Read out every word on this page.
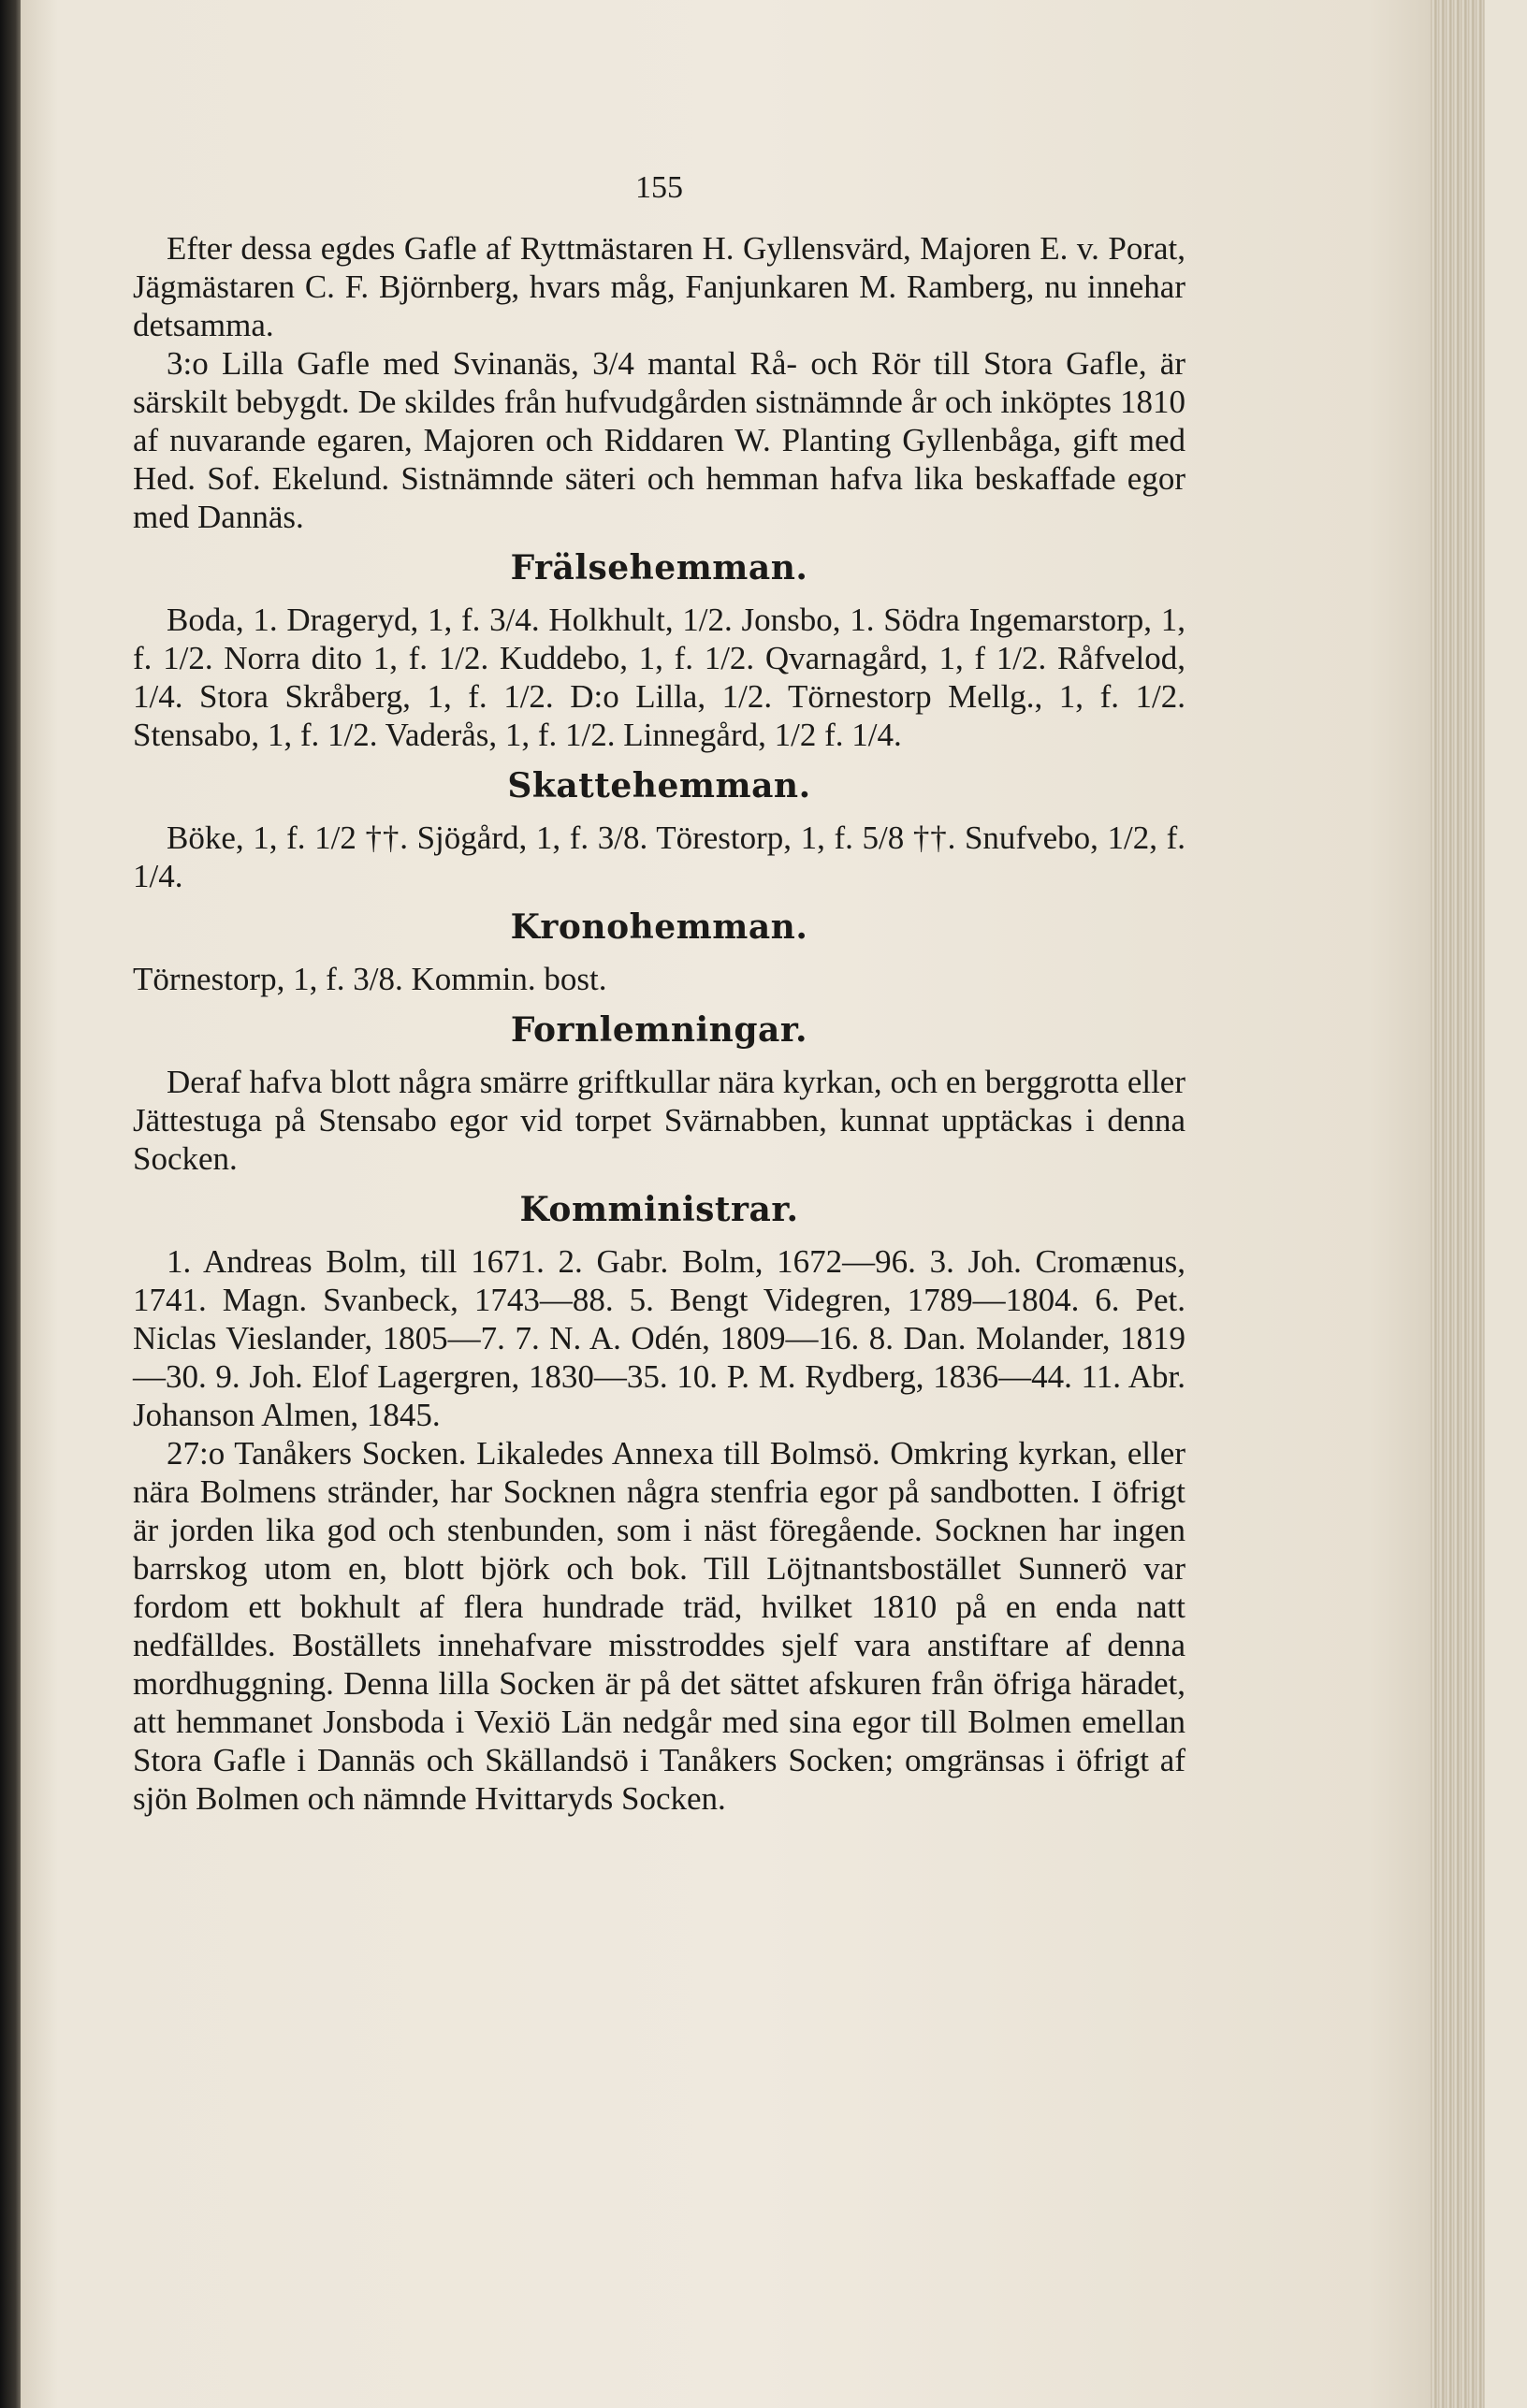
155

Efter dessa egdes Gafle af Ryttmästaren H. Gyllensvärd, Majoren E. v. Porat, Jägmästaren C. F. Björnberg, hvars måg, Fanjunkaren M. Ramberg, nu innehar detsamma.

3:o Lilla Gafle med Svinanäs, 3/4 mantal Rå- och Rör till Stora Gafle, är särskilt bebygdt. De skildes från hufvudgården sistnämnde år och inköptes 1810 af nuvarande egaren, Majoren och Riddaren W. Planting Gyllenbåga, gift med Hed. Sof. Ekelund. Sistnämnde säteri och hemman hafva lika beskaffade egor med Dannäs.

Frälsehemman.

Boda, 1. Drageryd, 1, f. 3/4. Holkhult, 1/2. Jonsbo, 1. Södra Ingemarstorp, 1, f. 1/2. Norra dito 1, f. 1/2. Kuddebo, 1, f. 1/2. Qvarnagård, 1, f 1/2. Råfvelod, 1/4. Stora Skråberg, 1, f. 1/2. D:o Lilla, 1/2. Törnestorp Mellg., 1, f. 1/2. Stensabo, 1, f. 1/2. Vaderås, 1, f. 1/2. Linnegård, 1/2 f. 1/4.

Skattehemman.

Böke, 1, f. 1/2 ††. Sjögård, 1, f. 3/8. Törestorp, 1, f. 5/8 ††. Snufvebo, 1/2, f. 1/4.

Kronohemman.

Törnestorp, 1, f. 3/8. Kommin. bost.

Fornlemningar.

Deraf hafva blott några smärre griftkullar nära kyrkan, och en berggrotta eller Jättestuga på Stensabo egor vid torpet Svärnabben, kunnat upptäckas i denna Socken.

Komministrar.

1. Andreas Bolm, till 1671. 2. Gabr. Bolm, 1672—96. 3. Joh. Cromænus, 1741. Magn. Svanbeck, 1743—88. 5. Bengt Videgren, 1789—1804. 6. Pet. Niclas Vieslander, 1805—7. 7. N. A. Odén, 1809—16. 8. Dan. Molander, 1819—30. 9. Joh. Elof Lagergren, 1830—35. 10. P. M. Rydberg, 1836—44. 11. Abr. Johanson Almen, 1845.

27:o Tanåkers Socken. Likaledes Annexa till Bolmsö. Omkring kyrkan, eller nära Bolmens stränder, har Socknen några stenfria egor på sandbotten. I öfrigt är jorden lika god och stenbunden, som i näst föregående. Socknen har ingen barrskog utom en, blott björk och bok. Till Löjtnantsbostället Sunnerö var fordom ett bokhult af flera hundrade träd, hvilket 1810 på en enda natt nedfälldes. Boställets innehafvare misstroddes sjelf vara anstiftare af denna mordhuggning. Denna lilla Socken är på det sättet afskuren från öfriga häradet, att hemmanet Jonsboda i Vexiö Län nedgår med sina egor till Bolmen emellan Stora Gafle i Dannäs och Skällandsö i Tanåkers Socken; omgränsas i öfrigt af sjön Bolmen och nämnde Hvittaryds Socken.
